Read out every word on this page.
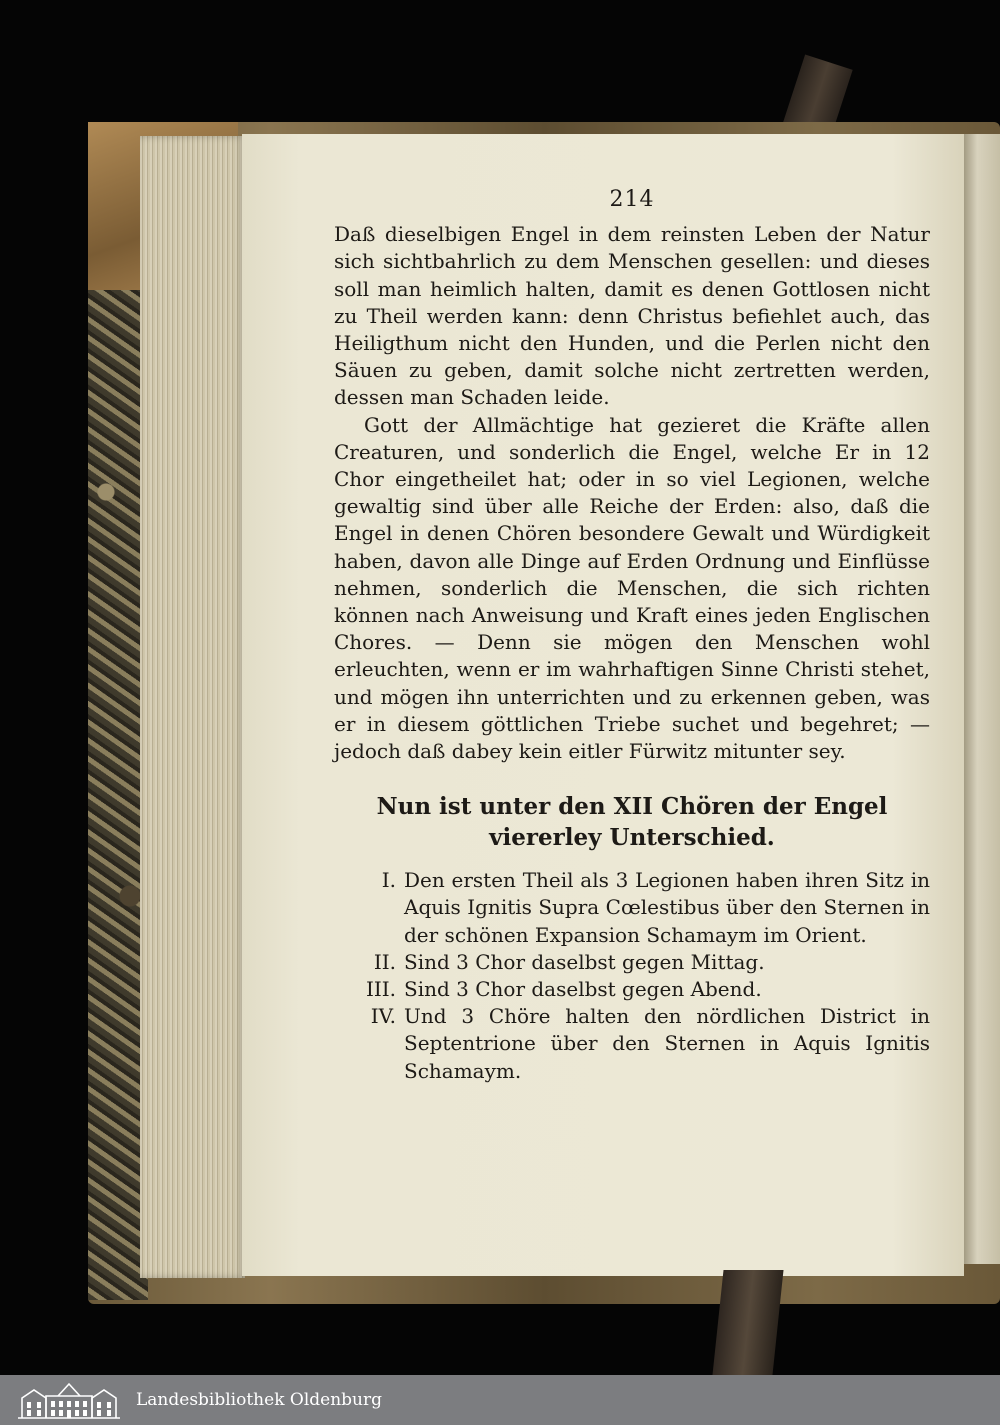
214

Daß dieselbigen Engel in dem reinsten Leben der Natur sich sichtbahrlich zu dem Menschen gesellen: und dieses soll man heimlich halten, damit es denen Gottlosen nicht zu Theil werden kann: denn Christus befiehlet auch, das Heiligthum nicht den Hunden, und die Perlen nicht den Säuen zu geben, damit solche nicht zertretten werden, dessen man Schaden leide.

Gott der Allmächtige hat gezieret die Kräfte allen Creaturen, und sonderlich die Engel, welche Er in 12 Chor eingetheilet hat; oder in so viel Legionen, welche gewaltig sind über alle Reiche der Erden: also, daß die Engel in denen Chören besondere Gewalt und Würdigkeit haben, davon alle Dinge auf Erden Ordnung und Einflüsse nehmen, sonderlich die Menschen, die sich richten können nach Anweisung und Kraft eines jeden Englischen Chores. — Denn sie mögen den Menschen wohl erleuchten, wenn er im wahrhaftigen Sinne Christi stehet, und mögen ihn unterrichten und zu erkennen geben, was er in diesem göttlichen Triebe suchet und begehret; — jedoch daß dabey kein eitler Fürwitz mitunter sey.

Nun ist unter den XII Chören der Engel viererley Unterschied.
I. Den ersten Theil als 3 Legionen haben ihren Sitz in Aquis Ignitis Supra Cœlestibus über den Sternen in der schönen Expansion Schamaym im Orient.
II. Sind 3 Chor daselbst gegen Mittag.
III. Sind 3 Chor daselbst gegen Abend.
IV. Und 3 Chöre halten den nördlichen District in Septentrione über den Sternen in Aquis Ignitis Schamaym.
Landesbibliothek Oldenburg
